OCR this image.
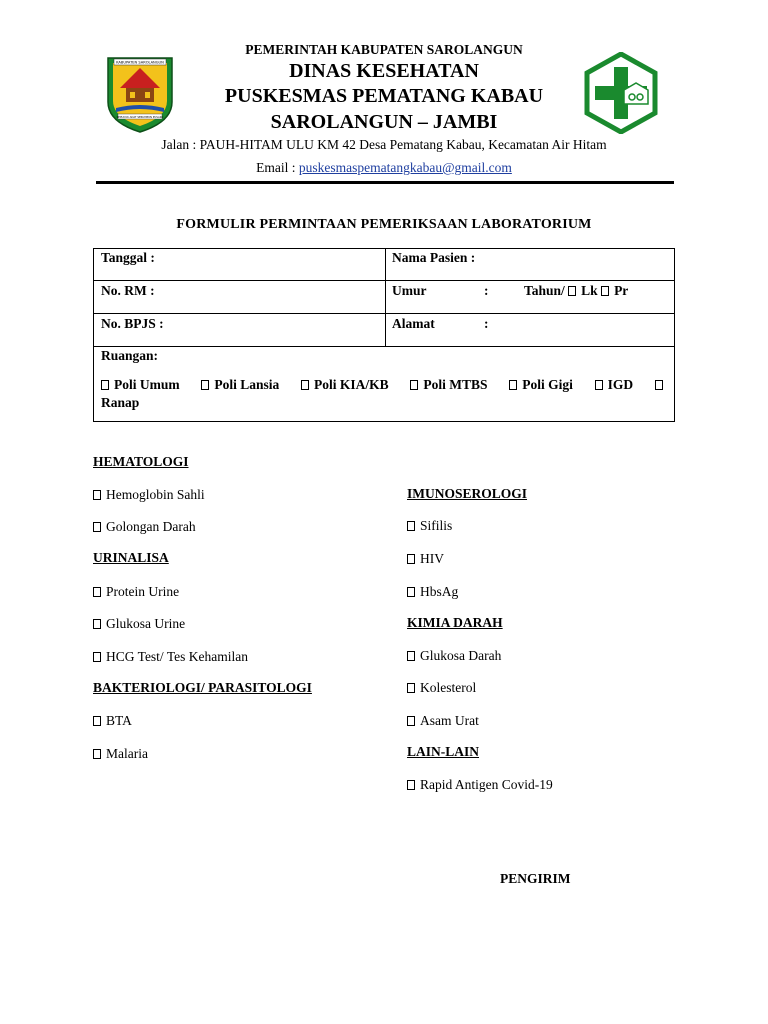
KABUPATEN SAROLANGUN
SEPUCUK ADAT SERUMPUN PUSAKO
PEMERINTAH KABUPATEN SAROLANGUN
DINAS KESEHATAN
PUSKESMAS PEMATANG KABAU
SAROLANGUN – JAMBI
Jalan : PAUH-HITAM ULU KM 42 Desa Pematang Kabau, Kecamatan Air Hitam
Email : puskesmaspematangkabau@gmail.com
FORMULIR PERMINTAAN PEMERIKSAAN LABORATORIUM
Tanggal :	Nama Pasien :
No. RM :	Umur	:	Tahun/ Lk Pr
No. BPJS :	Alamat	:
Ruangan:
Poli Umum	Poli Lansia	Poli KIA/KB	Poli MTBS	Poli Gigi	IGD
Ranap
HEMATOLOGI
Hemoglobin Sahli
Golongan Darah
URINALISA
Protein Urine
Glukosa Urine
HCG Test/ Tes Kehamilan
BAKTERIOLOGI/ PARASITOLOGI
BTA
Malaria
IMUNOSEROLOGI
Sifilis
HIV
HbsAg
KIMIA DARAH
Glukosa Darah
Kolesterol
Asam Urat
LAIN-LAIN
Rapid Antigen Covid-19
PENGIRIM
